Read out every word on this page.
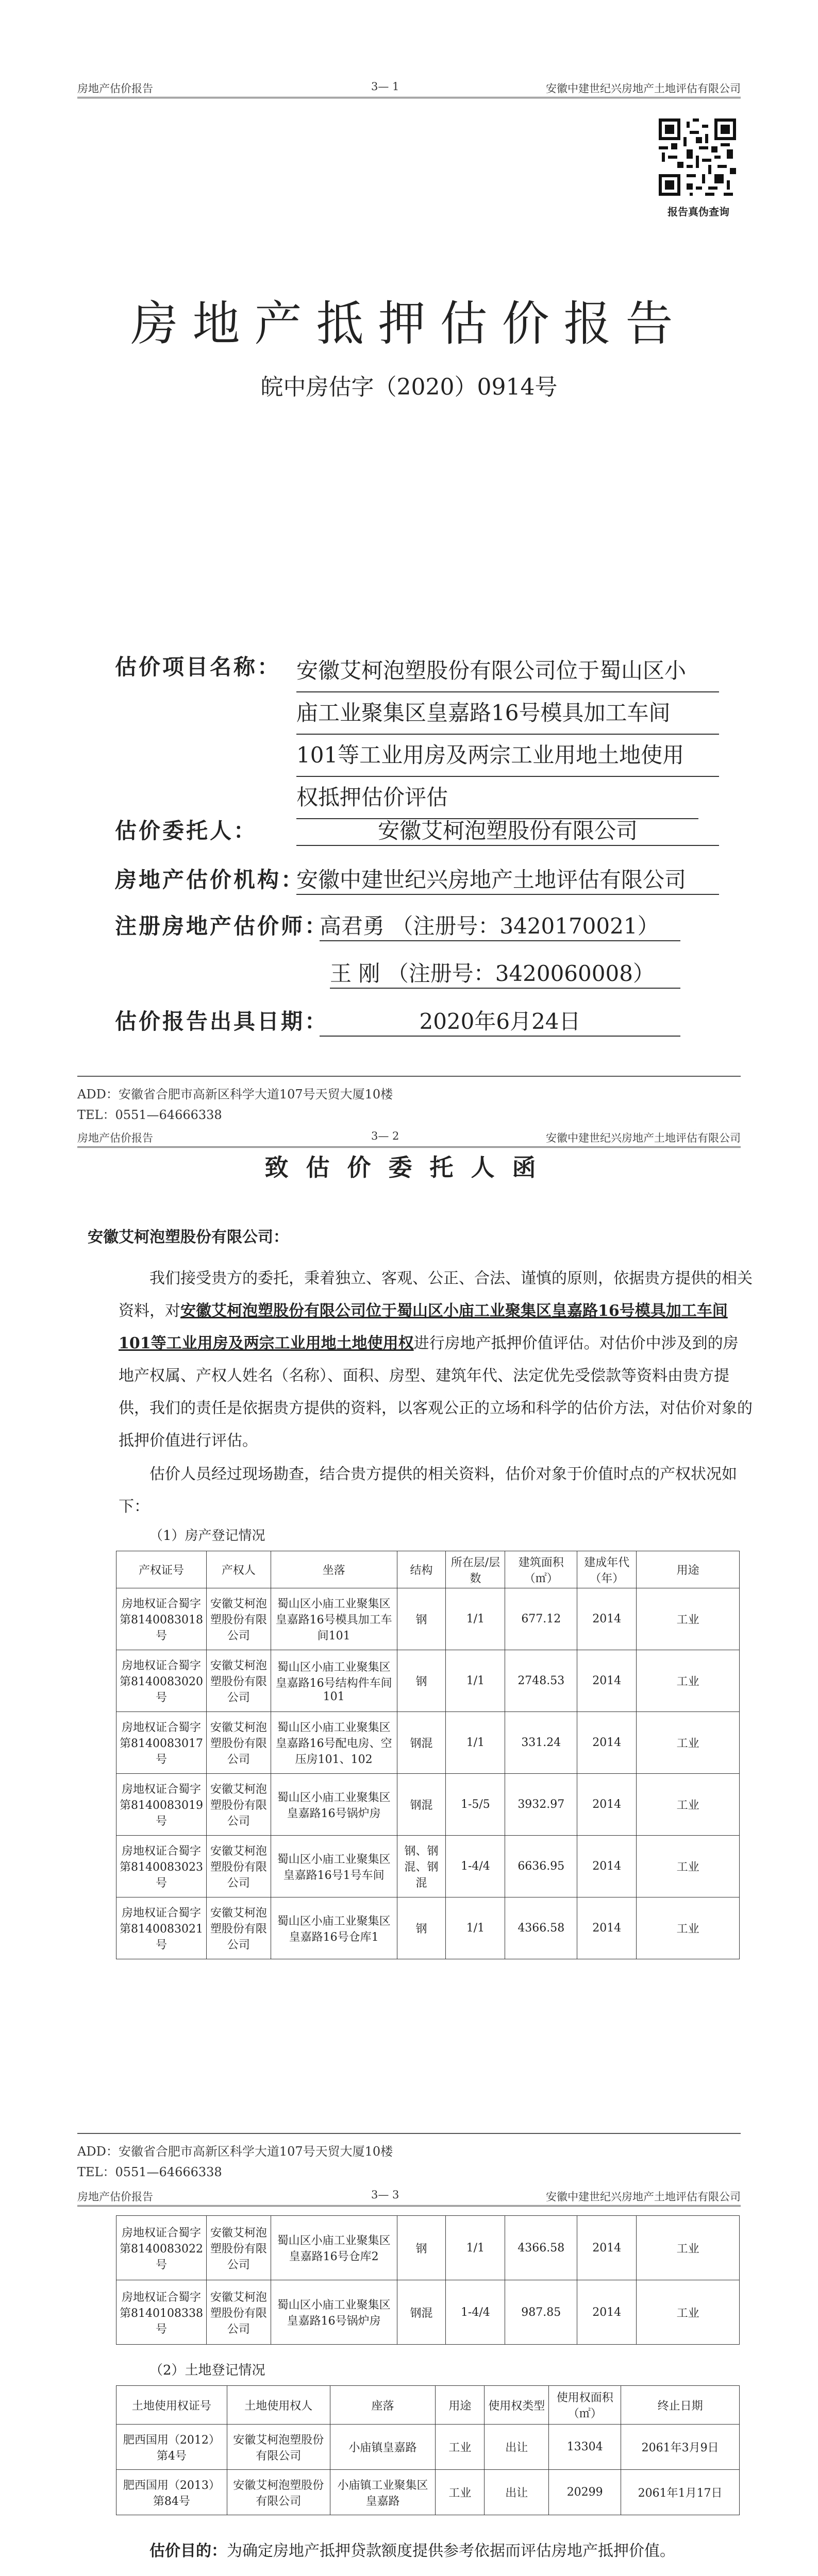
房地产估价报告	3— 1	安徽中建世纪兴房地产土地评估有限公司
报告真伪查询
房地产抵押估价报告
皖中房估字（2020）0914号
估价项目名称： 安徽艾柯泡塑股份有限公司位于蜀山区小
庙工业聚集区皇嘉路16号模具加工车间
101等工业用房及两宗工业用地土地使用
权抵押估价评估
估价委托人：	安徽艾柯泡塑股份有限公司
房地产估价机构：
安徽中建世纪兴房地产土地评估有限公司
注册房地产估价师：
高君勇 （注册号：3420170021）
王 刚 （注册号：3420060008）
估价报告出具日期：	2020年6月24日
ADD：安徽省合肥市高新区科学大道107号天贸大厦10楼
TEL：0551—64666338
房地产估价报告	3— 2	安徽中建世纪兴房地产土地评估有限公司
致估价委托人函

安徽艾柯泡塑股份有限公司：

我们接受贵方的委托，秉着独立、客观、公正、合法、谨慎的原则，依据贵方提供的相关资料，对安徽艾柯泡塑股份有限公司位于蜀山区小庙工业聚集区皇嘉路16号模具加工车间101等工业用房及两宗工业用地土地使用权进行房地产抵押价值评估。对估价中涉及到的房地产权属、产权人姓名（名称）、面积、房型、建筑年代、法定优先受偿款等资料由贵方提供，我们的责任是依据贵方提供的资料，以客观公正的立场和科学的估价方法，对估价对象的抵押价值进行评估。

估价人员经过现场勘查，结合贵方提供的相关资料，估价对象于价值时点的产权状况如下：

（1）房产登记情况
产权证号	产权人	坐落	结构	所在层/层数	建筑面积（㎡）	建成年代（年）	用途
房地权证合蜀字第8140083018号	安徽艾柯泡塑股份有限公司	蜀山区小庙工业聚集区皇嘉路16号模具加工车间101	钢	1/1	677.12	2014	工业
房地权证合蜀字第8140083020号	安徽艾柯泡塑股份有限公司	蜀山区小庙工业聚集区皇嘉路16号结构件车间101	钢	1/1	2748.53	2014	工业
房地权证合蜀字第8140083017号	安徽艾柯泡塑股份有限公司	蜀山区小庙工业聚集区皇嘉路16号配电房、空压房101、102	钢混	1/1	331.24	2014	工业
房地权证合蜀字第8140083019号	安徽艾柯泡塑股份有限公司	蜀山区小庙工业聚集区皇嘉路16号锅炉房	钢混	1-5/5	3932.97	2014	工业
房地权证合蜀字第8140083023号	安徽艾柯泡塑股份有限公司	蜀山区小庙工业聚集区皇嘉路16号1号车间	钢、钢混、钢混	1-4/4	6636.95	2014	工业
房地权证合蜀字第8140083021号	安徽艾柯泡塑股份有限公司	蜀山区小庙工业聚集区皇嘉路16号仓库1	钢	1/1	4366.58	2014	工业
ADD：安徽省合肥市高新区科学大道107号天贸大厦10楼
TEL：0551—64666338
房地产估价报告	3— 3	安徽中建世纪兴房地产土地评估有限公司
房地权证合蜀字第8140083022号	安徽艾柯泡塑股份有限公司	蜀山区小庙工业聚集区皇嘉路16号仓库2	钢	1/1	4366.58	2014	工业
房地权证合蜀字第8140108338号	安徽艾柯泡塑股份有限公司	蜀山区小庙工业聚集区皇嘉路16号锅炉房	钢混	1-4/4	987.85	2014	工业
（2）土地登记情况
土地使用权证号	土地使用权人	座落	用途	使用权类型	使用权面积（㎡）	终止日期
肥西国用（2012）第4号	安徽艾柯泡塑股份有限公司	小庙镇皇嘉路	工业	出让	13304	2061年3月9日
肥西国用（2013）第84号	安徽艾柯泡塑股份有限公司	小庙镇工业聚集区皇嘉路	工业	出让	20299	2061年1月17日

估价目的：为确定房地产抵押贷款额度提供参考依据而评估房地产抵押价值。
